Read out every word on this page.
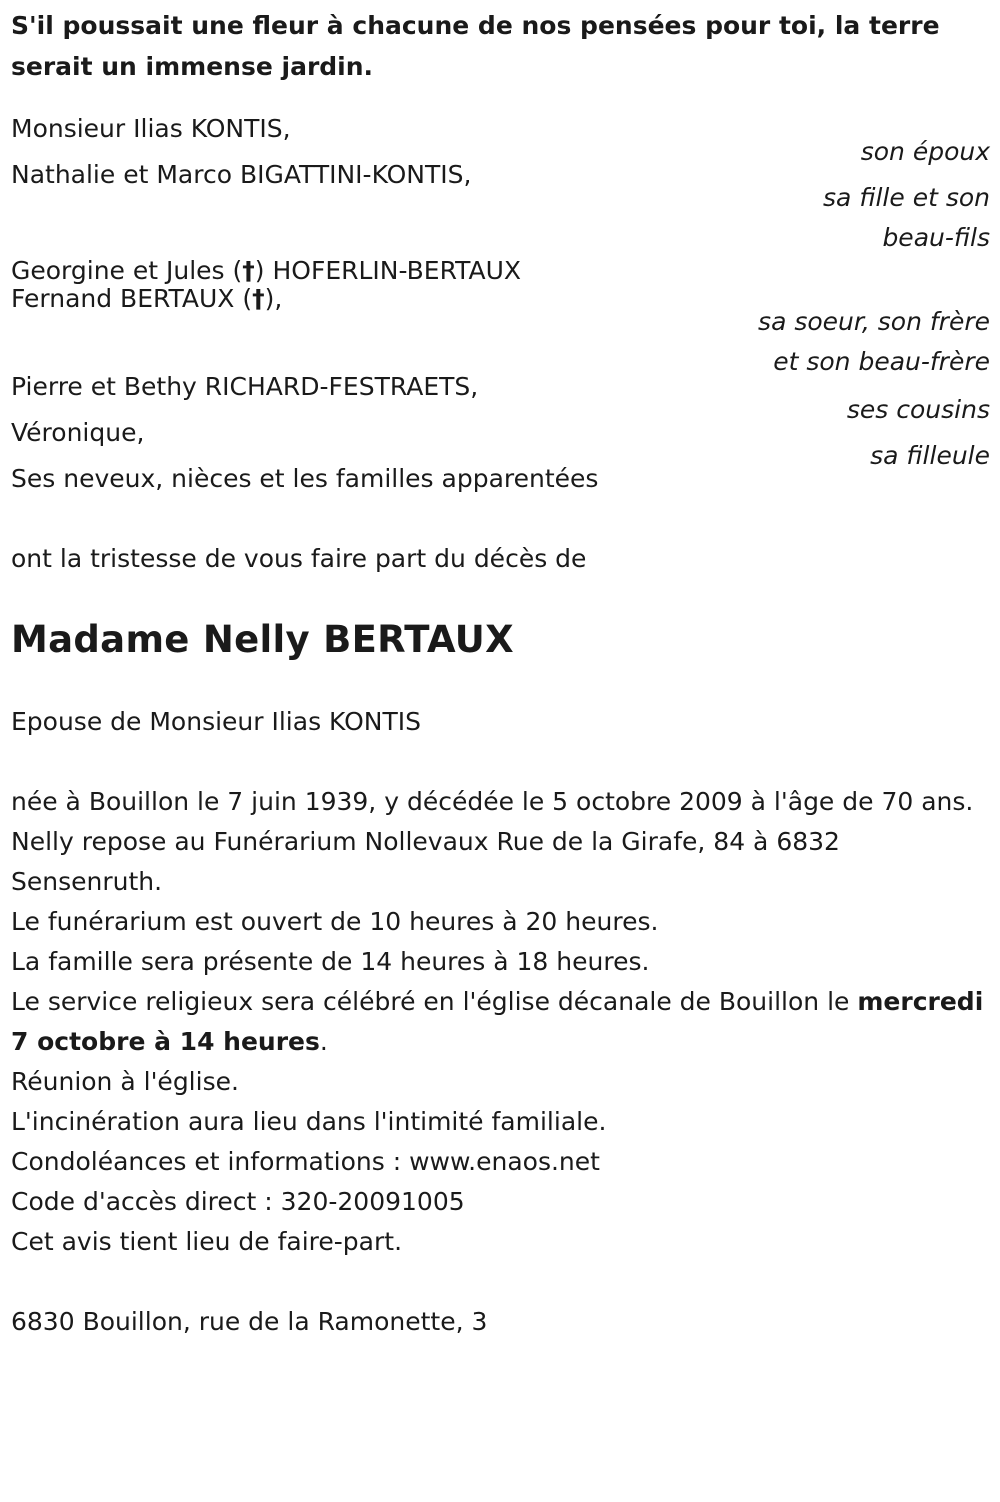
S'il poussait une fleur à chacune de nos pensées pour toi, la terre serait un immense jardin.

Monsieur Ilias KONTIS,
son époux
Nathalie et Marco BIGATTINI-KONTIS,
sa fille et son
beau-fils
Georgine et Jules (†) HOFERLIN-BERTAUX
Fernand BERTAUX (†),
sa soeur, son frère
et son beau-frère
Pierre et Bethy RICHARD-FESTRAETS,
ses cousins
Véronique,
sa filleule
Ses neveux, nièces et les familles apparentées
ont la tristesse de vous faire part du décès de
Madame Nelly BERTAUX
Epouse de Monsieur Ilias KONTIS
née à Bouillon le 7 juin 1939, y décédée le 5 octobre 2009 à l'âge de 70 ans.
Nelly repose au Funérarium Nollevaux Rue de la Girafe, 84 à 6832 Sensenruth.
Le funérarium est ouvert de 10 heures à 20 heures.
La famille sera présente de 14 heures à 18 heures.
Le service religieux sera célébré en l'église décanale de Bouillon le mercredi 7 octobre à 14 heures.
Réunion à l'église.
L'incinération aura lieu dans l'intimité familiale.
Condoléances et informations : www.enaos.net
Code d'accès direct : 320-20091005
Cet avis tient lieu de faire-part.
6830 Bouillon, rue de la Ramonette, 3
